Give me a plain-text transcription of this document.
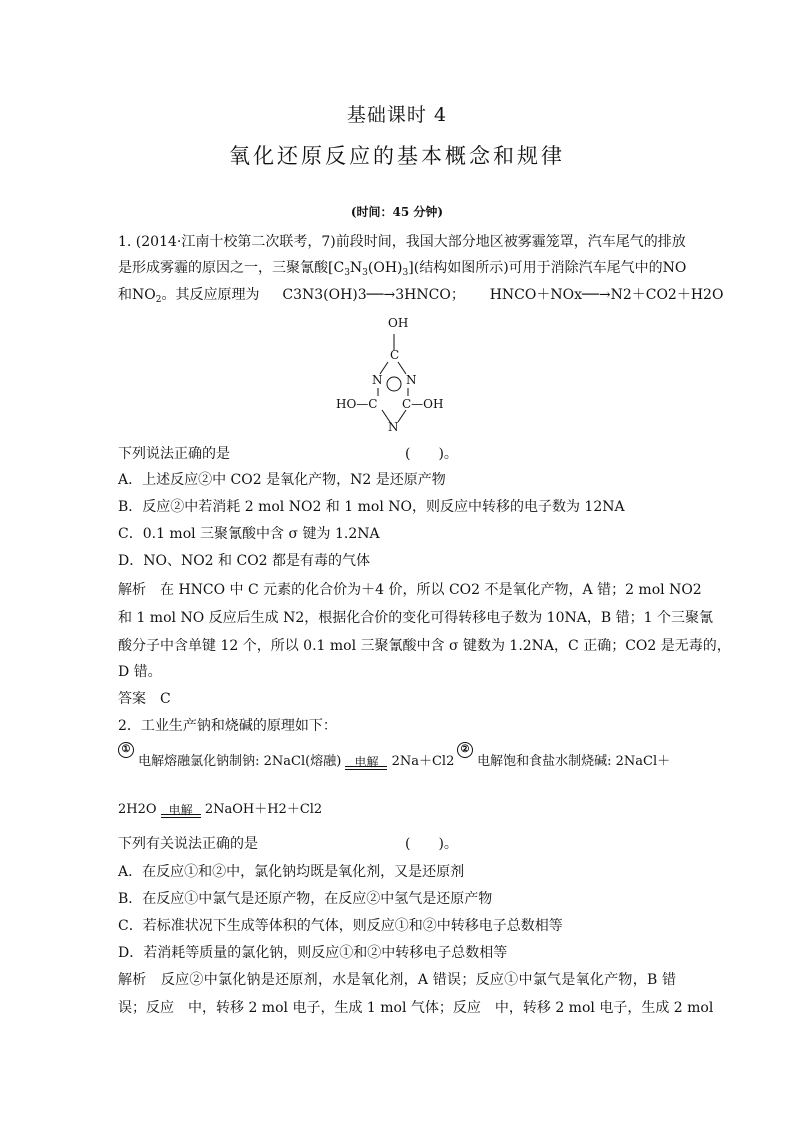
基础课时 4
氧化还原反应的基本概念和规律
(时间：45 分钟)
1. (2014·江南十校第二次联考，7)前段时间，我国大部分地区被雾霾笼罩，汽车尾气的排放
是形成雾霾的原因之一，三聚氰酸$[C_3N_3(OH)_3]$(结构如图所示)可用于消除汽车尾气中的NO
和$NO_2$。其反应原理为 C3N3(OH)3──→3HNCO； HNCO＋NOx──→N2＋CO2＋H2O
OH
C
N N
HO—C C—OH
N
下列说法正确的是	(　　)。
A．上述反应②中 CO2 是氧化产物，N2 是还原产物
B．反应②中若消耗 2 mol NO2 和 1 mol NO，则反应中转移的电子数为 12NA
C．0.1 mol 三聚氰酸中含 σ 键为 1.2NA
D．NO、NO2 和 CO2 都是有毒的气体
解析　在 HNCO 中 C 元素的化合价为＋4 价，所以 CO2 不是氧化产物，A 错；2 mol NO2
和 1 mol NO 反应后生成 N2，根据化合价的变化可得转移电子数为 10NA，B 错；1 个三聚氰
酸分子中含单键 12 个，所以 0.1 mol 三聚氰酸中含 σ 键数为 1.2NA，C 正确；CO2 是无毒的，
D 错。
答案　C
2．工业生产钠和烧碱的原理如下：
① 电解熔融氯化钠制钠: 2NaCl(熔融)	电解	2Na＋Cl2
② 电解饱和食盐水制烧碱: 2NaCl＋
2H2O	电解 2NaOH＋H2＋Cl2
下列有关说法正确的是	(　　)。
A．在反应①和②中，氯化钠均既是氧化剂，又是还原剂
B．在反应①中氯气是还原产物，在反应②中氢气是还原产物
C．若标准状况下生成等体积的气体，则反应①和②中转移电子总数相等
D．若消耗等质量的氯化钠，则反应①和②中转移电子总数相等
解析　反应②中氯化钠是还原剂，水是氧化剂，A 错误；反应①中氯气是氧化产物，B 错
误；反应　中，转移 2 mol 电子，生成 1 mol 气体；反应　中，转移 2 mol 电子，生成 2 mol
